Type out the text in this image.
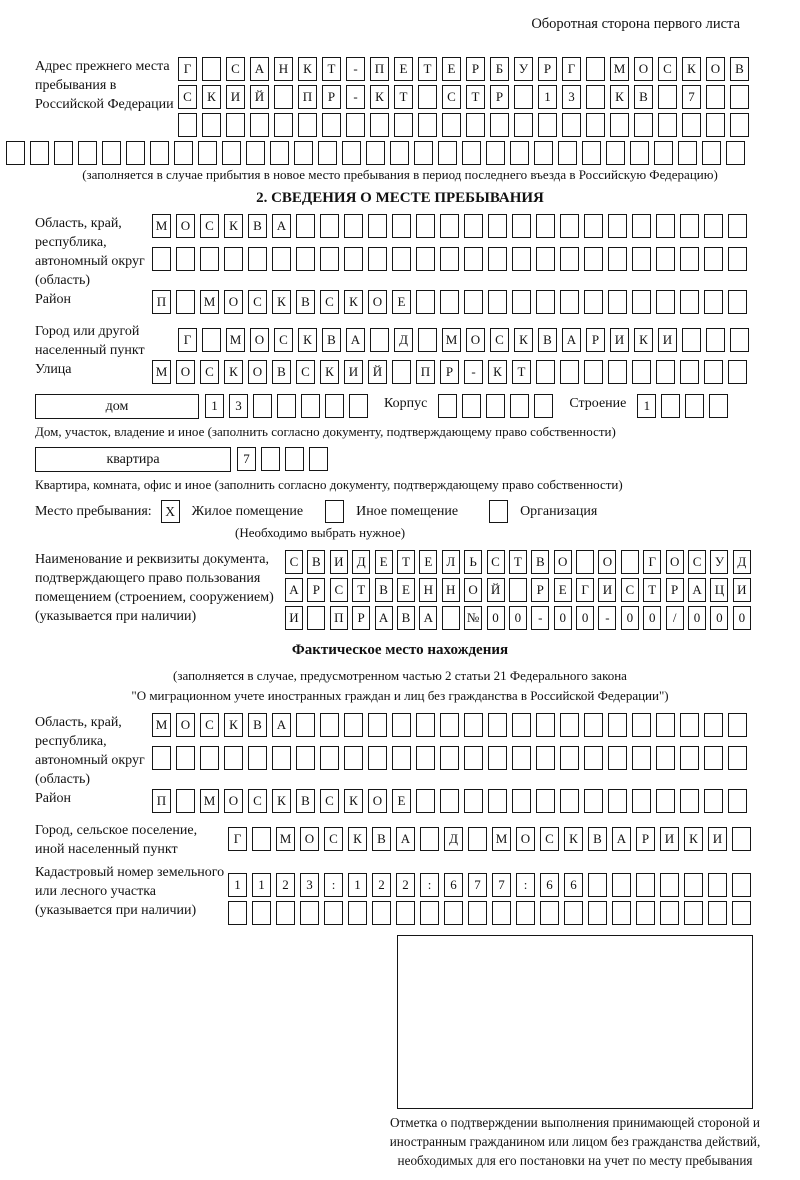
Оборотная сторона первого листа
Адрес прежнего места пребывания в Российской Федерации
Г	С	А	Н	К	Т	-	П	Е	Т	Е	Р	Б	У	Р	Г	М	О	С	К	О	В
С	К	И	Й	П	Р	-	К	Т	С	Т	Р	1	3	К	В	7
(заполняется в случае прибытия в новое место пребывания в период последнего въезда в Российскую Федерацию)
2. СВЕДЕНИЯ О МЕСТЕ ПРЕБЫВАНИЯ
Область, край, республика, автономный округ (область)
М	О	С	К	В	А
Район	П	М	О	С	К	В	С	К	О	Е
Город или другой населенный пункт
Г	М	О	С	К	В	А	Д	М	О	С	К	В	А	Р	И	К	И
Улица	М	О	С	К	О	В	С	К	И	Й	П	Р	-	К	Т
дом	1	3	Корпус	Строение	1
Дом, участок, владение и иное (заполнить согласно документу, подтверждающему право собственности)
квартира	7
Квартира, комната, офис и иное (заполнить согласно документу, подтверждающему право собственности)
Место пребывания:	X	Жилое помещение	Иное помещение	Организация
(Необходимо выбрать нужное)
Наименование и реквизиты документа, подтверждающего право пользования помещением (строением, сооружением) (указывается при наличии)
С	В	И	Д	Е	Т	Е	Л	Ь	С	Т	В	О	О	Г	О	С	У	Д
А	Р	С	Т	В	Е	Н	Н	О	Й	Р	Е	Г	И	С	Т	Р	А	Ц	И
И	П	Р	А	В	А	№ 0	0	-	0	0	-	0	0	/	0	0	0
Фактическое место нахождения
(заполняется в случае, предусмотренном частью 2 статьи 21 Федерального закона
"О миграционном учете иностранных граждан и лиц без гражданства в Российской Федерации")
Область, край, республика, автономный округ (область)
М	О	С	К	В	А
Район	П	М	О	С	К	В	С	К	О	Е
Город, сельское поселение, иной населенный пункт
Г	М	О	С	К	В	А	Д	М	О	С	К	В	А	Р	И	К	И
Кадастровый номер земельного или лесного участка (указывается при наличии)
1	1	2	3	:	1	2	2	:	6	7	7	:	6	6
Отметка о подтверждении выполнения принимающей стороной и иностранным гражданином или лицом без гражданства действий, необходимых для его постановки на учет по месту пребывания
